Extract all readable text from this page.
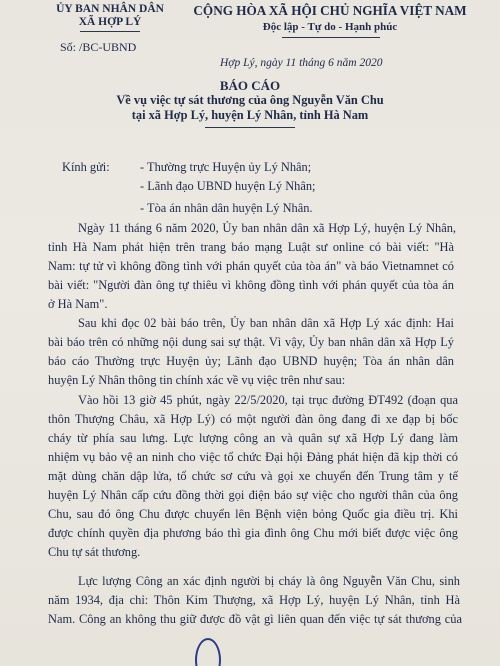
ỦY BAN NHÂN DÂN
XÃ HỢP LÝ
Số: /BC-UBND
CỘNG HÒA XÃ HỘI CHỦ NGHĨA VIỆT NAM
Độc lập - Tự do - Hạnh phúc
Hợp Lý, ngày 11 tháng 6 năm 2020
BÁO CÁO
Về vụ việc tự sát thương của ông Nguyễn Văn Chu
tại xã Hợp Lý, huyện Lý Nhân, tỉnh Hà Nam
Kính gửi: - Thường trực Huyện ủy Lý Nhân;
- Lãnh đạo UBND huyện Lý Nhân;
- Tòa án nhân dân huyện Lý Nhân.
Ngày 11 tháng 6 năm 2020, Ủy ban nhân dân xã Hợp Lý, huyện Lý Nhân,
tỉnh Hà Nam phát hiện trên trang báo mạng Luật sư online có bài viết: "Hà
Nam: tự tử vì không đồng tình với phán quyết của tòa án" và báo Vietnamnet có
bài viết: "Người đàn ông tự thiêu vì không đồng tình với phán quyết của tòa án
ở Hà Nam".
Sau khi đọc 02 bài báo trên, Ủy ban nhân dân xã Hợp Lý xác định: Hai
bài báo trên có những nội dung sai sự thật. Vì vậy, Ủy ban nhân dân xã Hợp Lý
báo cáo Thường trực Huyện ủy; Lãnh đạo UBND huyện; Tòa án nhân dân
huyện Lý Nhân thông tin chính xác về vụ việc trên như sau:
Vào hồi 13 giờ 45 phút, ngày 22/5/2020, tại trục đường ĐT492 (đoạn qua
thôn Thượng Châu, xã Hợp Lý) có một người đàn ông đang đi xe đạp bị bốc
cháy từ phía sau lưng. Lực lượng công an và quân sự xã Hợp Lý đang làm
nhiệm vụ bảo vệ an ninh cho việc tổ chức Đại hội Đảng phát hiện đã kịp thời có
mặt dùng chăn dập lửa, tổ chức sơ cứu và gọi xe chuyển đến Trung tâm y tế
huyện Lý Nhân cấp cứu đồng thời gọi điện báo sự việc cho người thân của ông
Chu, sau đó ông Chu được chuyển lên Bệnh viện bỏng Quốc gia điều trị. Khi
được chính quyền địa phương báo thì gia đình ông Chu mới biết được việc ông
Chu tự sát thương.
Lực lượng Công an xác định người bị cháy là ông Nguyễn Văn Chu, sinh
năm 1934, địa chỉ: Thôn Kim Thượng, xã Hợp Lý, huyện Lý Nhân, tỉnh Hà
Nam. Công an không thu giữ được đồ vật gì liên quan đến việc tự sát thương của
